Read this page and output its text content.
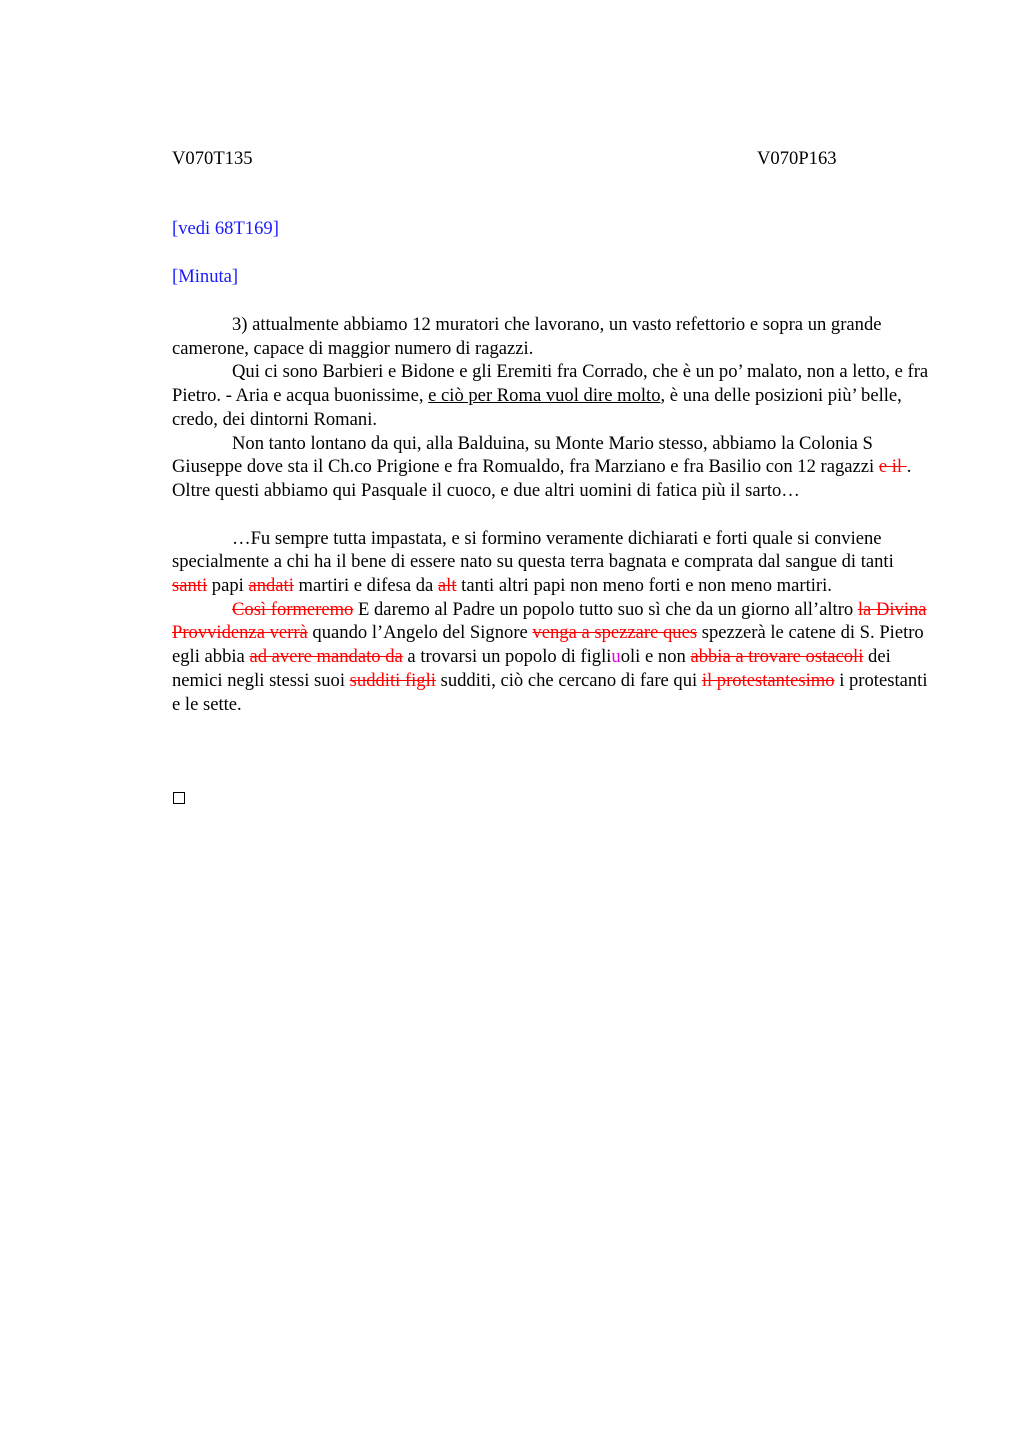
V070T135	V070P163
[vedi 68T169]
[Minuta]

3) attualmente abbiamo 12 muratori che lavorano, un vasto refettorio e sopra un grande camerone, capace di maggior numero di ragazzi.

Qui ci sono Barbieri e Bidone e gli Eremiti fra Corrado, che è un po’ malato, non a letto, e fra Pietro. - Aria e acqua buonissime, e ciò per Roma vuol dire molto, è una delle posizioni più’ belle, credo, dei dintorni Romani.

Non tanto lontano da qui, alla Balduina, su Monte Mario stesso, abbiamo la Colonia S Giuseppe dove sta il Ch.co Prigione e fra Romualdo, fra Marziano e fra Basilio con 12 ragazzi e il . Oltre questi abbiamo qui Pasquale il cuoco, e due altri uomini di fatica più il sarto…

…Fu sempre tutta impastata, e si formino veramente dichiarati e forti quale si conviene specialmente a chi ha il bene di essere nato su questa terra bagnata e comprata dal sangue di tanti santi papi andati martiri e difesa da alt tanti altri papi non meno forti e non meno martiri.

Così formeremo E daremo al Padre un popolo tutto suo sì che da un giorno all’altro la Divina Provvidenza verrà quando l’Angelo del Signore venga a spezzare ques spezzerà le catene di S. Pietro egli abbia ad avere mandato da a trovarsi un popolo di figliuoli e non abbia a trovare ostacoli dei nemici negli stessi suoi sudditi figli sudditi, ciò che cercano di fare qui il protestantesimo i protestanti e le sette.
